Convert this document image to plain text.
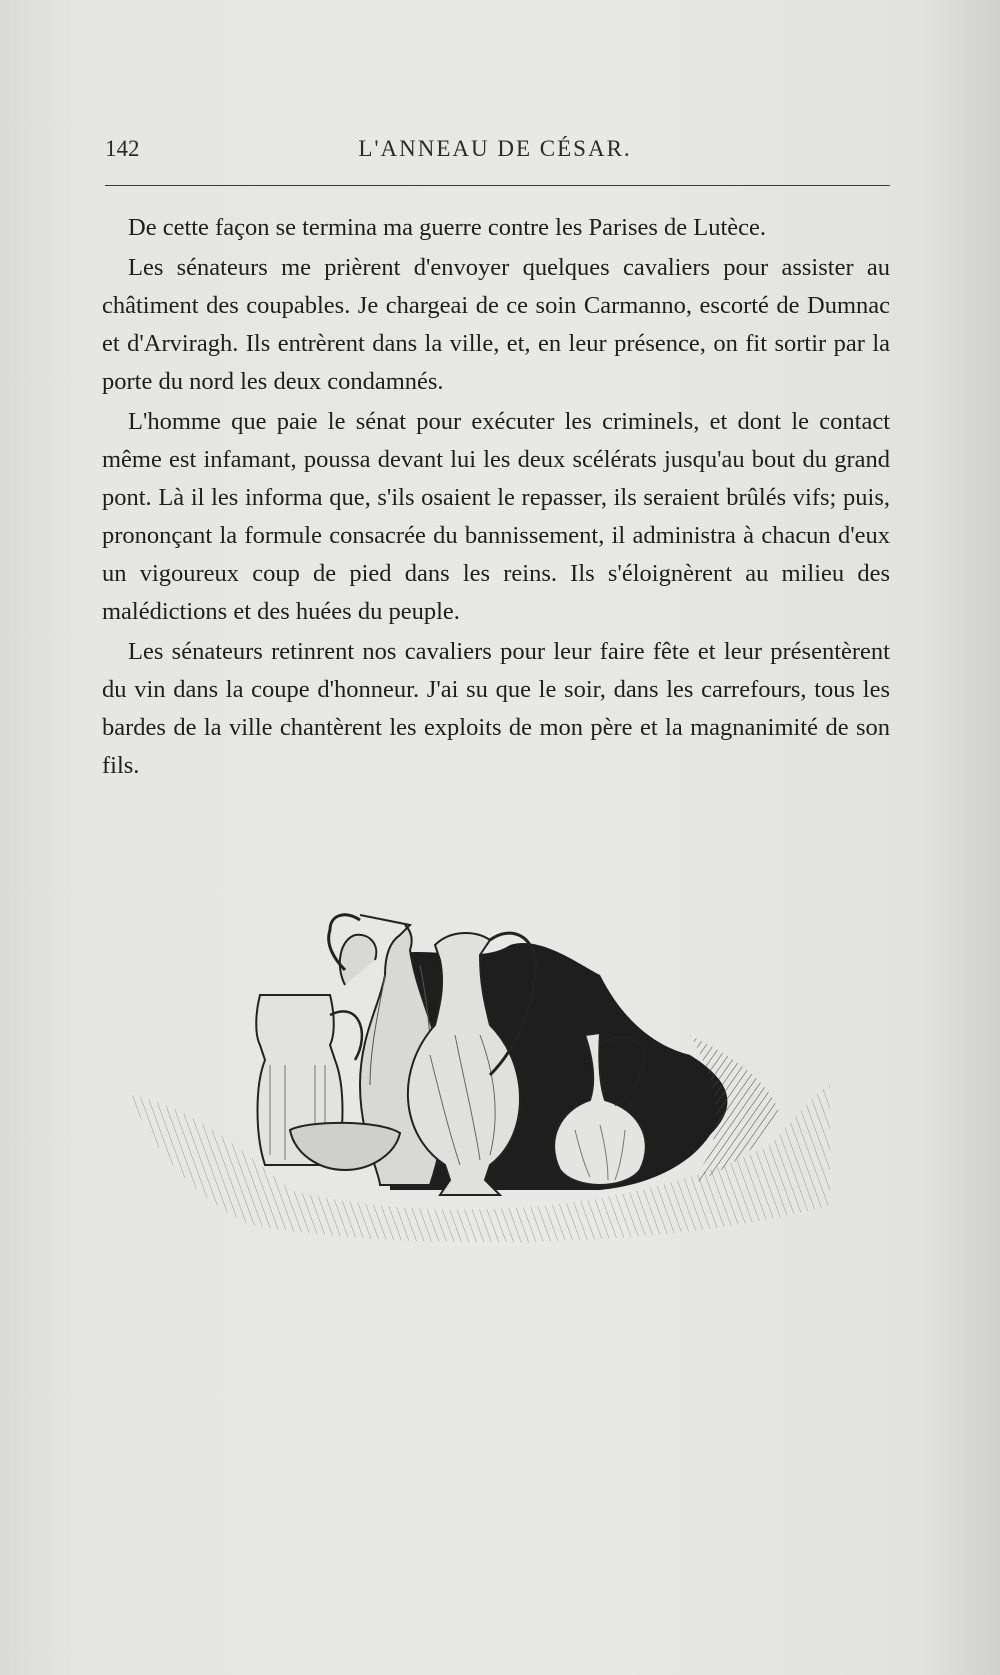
142	L'ANNEAU DE CÉSAR.

De cette façon se termina ma guerre contre les Parises de Lutèce.

Les sénateurs me prièrent d'envoyer quelques cavaliers pour assister au châtiment des coupables. Je chargeai de ce soin Carmanno, escorté de Dumnac et d'Arviragh. Ils entrèrent dans la ville, et, en leur présence, on fit sortir par la porte du nord les deux condamnés.

L'homme que paie le sénat pour exécuter les criminels, et dont le contact même est infamant, poussa devant lui les deux scélérats jusqu'au bout du grand pont. Là il les informa que, s'ils osaient le repasser, ils seraient brûlés vifs; puis, prononçant la formule consacrée du bannissement, il administra à chacun d'eux un vigoureux coup de pied dans les reins. Ils s'éloignèrent au milieu des malédictions et des huées du peuple.

Les sénateurs retinrent nos cavaliers pour leur faire fête et leur présentèrent du vin dans la coupe d'honneur. J'ai su que le soir, dans les carrefours, tous les bardes de la ville chantèrent les exploits de mon père et la magnanimité de son fils.
